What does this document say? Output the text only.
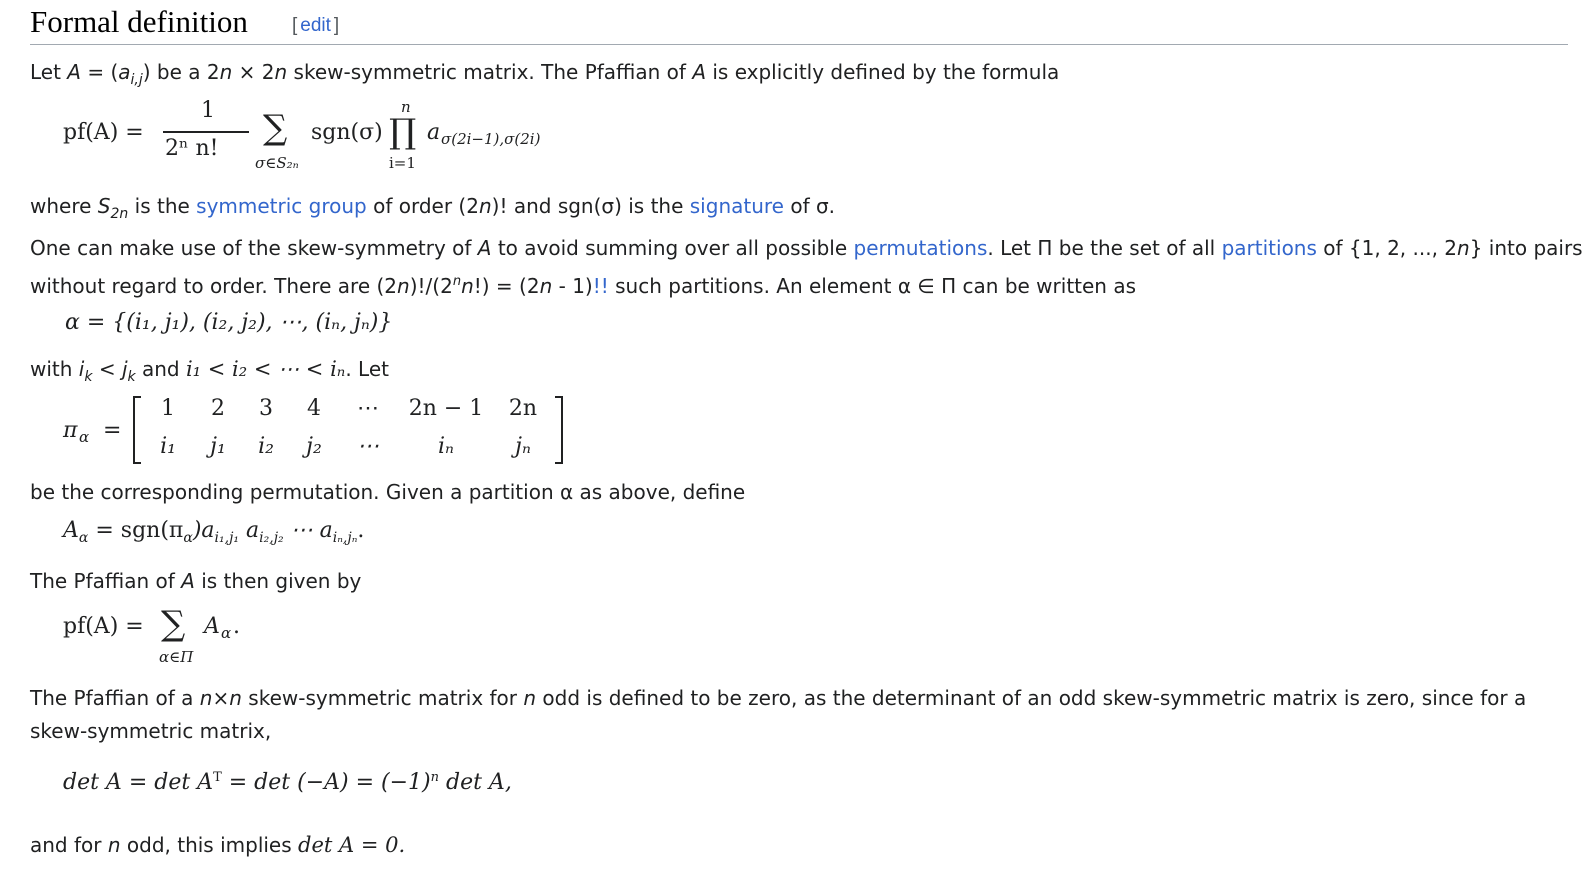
Formal definition [ edit ]
Let $A = (a_{i,j})$ be a 2n × 2n skew-symmetric matrix. The Pfaffian of A is explicitly defined by the formula
pf(A) =
1
2ⁿ n!
∑
σ∈S₂ₙ
sgn(σ)
n
∏
i=1
a σ(2i−1),σ(2i)
where $S_{2n}$ is the symmetric group of order (2n)! and sgn(σ) is the signature of σ.
One can make use of the skew-symmetry of A to avoid summing over all possible permutations. Let Π be the set of all partitions of {1, 2, ..., 2n} into pairs
without regard to order. There are $(2n)!/(2^nn!) = (2n - 1)$!! such partitions. An element α ∈ Π can be written as
α = {(i₁, j₁), (i₂, j₂), ⋯, (iₙ, jₙ)}
with $i_k < j_k$ and i₁ < i₂ < ⋯ < iₙ. Let
π α =
1	2	3	4	⋯	2n − 1	2n
i₁	j₁	i₂	j₂	⋯	iₙ	jₙ
be the corresponding permutation. Given a partition α as above, define
$A_\alpha = sgn(\pi_\alpha)a_{i_1,j_1}$ $a_{i_2,j_2}$ ⋯ $a_{i_n,j_n}$.
The Pfaffian of A is then given by
pf(A) = ∑ A α .
α∈Π
The Pfaffian of a n×n skew-symmetric matrix for n odd is defined to be zero, as the determinant of an odd skew-symmetric matrix is zero, since for a
skew-symmetric matrix,
$\det A = \det A^T = \det (-A) = (-1)^n$ det A,
and for n odd, this implies det A = 0.
